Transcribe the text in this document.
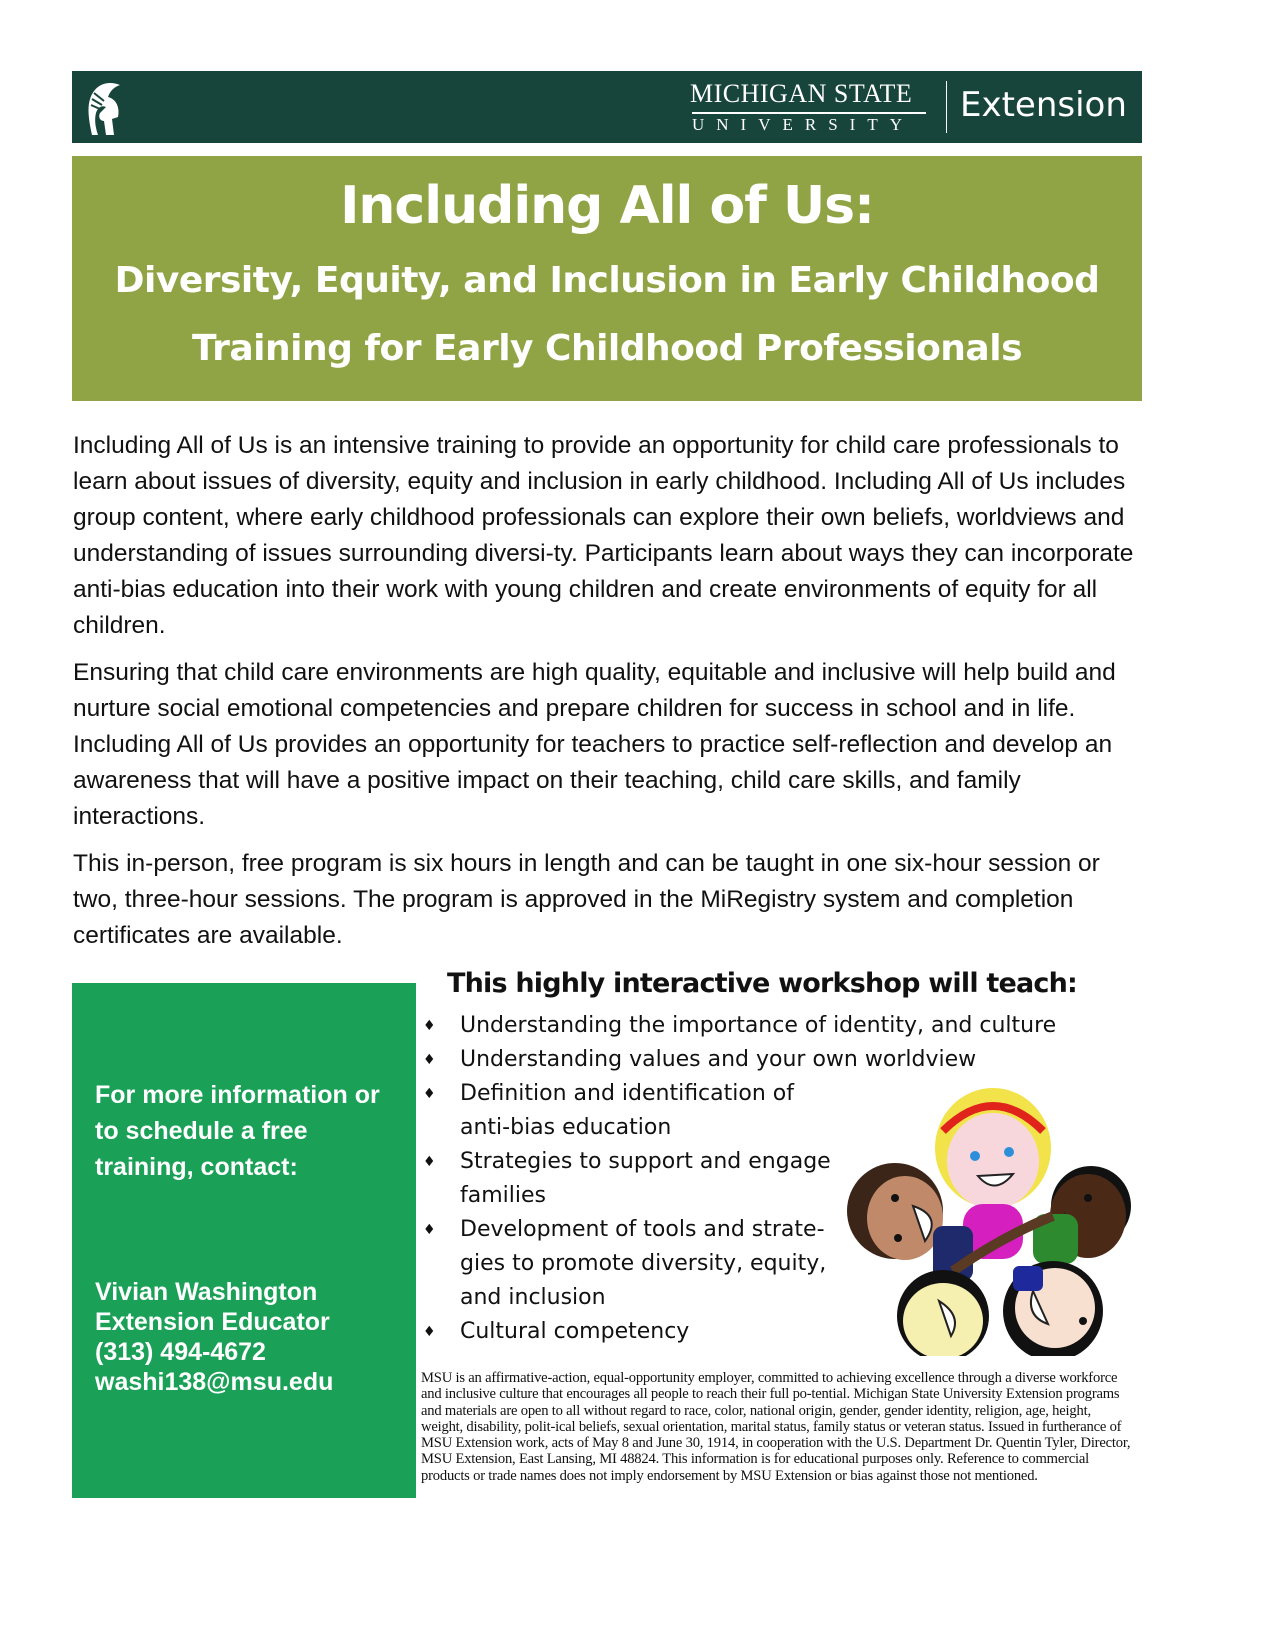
MICHIGAN STATE
UNIVERSITY Extension
Including All of Us:
Diversity, Equity, and Inclusion in Early Childhood
Training for Early Childhood Professionals

Including All of Us is an intensive training to provide an opportunity for child care professionals to learn about issues of diversity, equity and inclusion in early childhood. Including All of Us includes group content, where early childhood professionals can explore their own beliefs, worldviews and understanding of issues surrounding diversi-ty. Participants learn about ways they can incorporate anti-bias education into their work with young children and create environments of equity for all children.

Ensuring that child care environments are high quality, equitable and inclusive will help build and nurture social emotional competencies and prepare children for success in school and in life. Including All of Us provides an opportunity for teachers to practice self-reflection and develop an awareness that will have a positive impact on their teaching, child care skills, and family interactions.

This in-person, free program is six hours in length and can be taught in one six-hour session or two, three-hour sessions. The program is approved in the MiRegistry system and completion certificates are available.

For more information or to schedule a free training, contact:
Vivian Washington
Extension Educator
(313) 494-4672
washi138@msu.edu
This highly interactive workshop will teach:
♦ Understanding the importance of identity, and culture
♦ Understanding values and your own worldview
♦ Definition and identification of anti-bias education
♦ Strategies to support and engage families
♦ Development of tools and strate-gies to promote diversity, equity, and inclusion
♦ Cultural competency
MSU is an affirmative-action, equal-opportunity employer, committed to achieving excellence through a diverse workforce and inclusive culture that encourages all people to reach their full po-tential. Michigan State University Extension programs and materials are open to all without regard to race, color, national origin, gender, gender identity, religion, age, height, weight, disability, polit-ical beliefs, sexual orientation, marital status, family status or veteran status. Issued in furtherance of MSU Extension work, acts of May 8 and June 30, 1914, in cooperation with the U.S. Department Dr. Quentin Tyler, Director, MSU Extension, East Lansing, MI 48824. This information is for educational purposes only. Reference to commercial products or trade names does not imply endorsement by MSU Extension or bias against those not mentioned.
